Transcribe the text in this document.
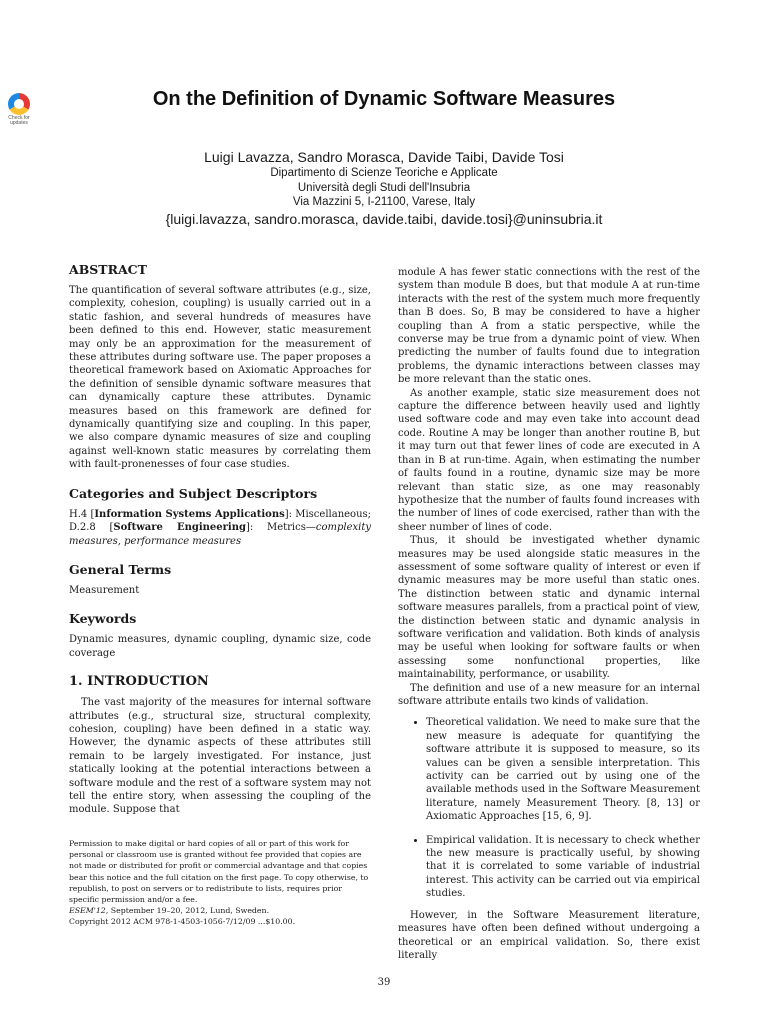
Check for updates
On the Definition of Dynamic Software Measures
Luigi Lavazza, Sandro Morasca, Davide Taibi, Davide Tosi
Dipartimento di Scienze Teoriche e Applicate
Università degli Studi dell'Insubria
Via Mazzini 5, I-21100, Varese, Italy
{luigi.lavazza, sandro.morasca, davide.taibi, davide.tosi}@uninsubria.it
ABSTRACT

The quantification of several software attributes (e.g., size, complexity, cohesion, coupling) is usually carried out in a static fashion, and several hundreds of measures have been defined to this end. However, static measurement may only be an approximation for the measurement of these attributes during software use. The paper proposes a theoretical framework based on Axiomatic Approaches for the definition of sensible dynamic software measures that can dynamically capture these attributes. Dynamic measures based on this framework are defined for dynamically quantifying size and coupling. In this paper, we also compare dynamic measures of size and coupling against well-known static measures by correlating them with fault-pronenesses of four case studies.

Categories and Subject Descriptors

H.4 [Information Systems Applications]: Miscellaneous; D.2.8 [Software Engineering]: Metrics—complexity measures, performance measures

General Terms

Measurement

Keywords

Dynamic measures, dynamic coupling, dynamic size, code coverage

1. INTRODUCTION

The vast majority of the measures for internal software attributes (e.g., structural size, structural complexity, cohesion, coupling) have been defined in a static way. However, the dynamic aspects of these attributes still remain to be largely investigated. For instance, just statically looking at the potential interactions between a software module and the rest of a software system may not tell the entire story, when assessing the coupling of the module. Suppose that

Permission to make digital or hard copies of all or part of this work for personal or classroom use is granted without fee provided that copies are not made or distributed for profit or commercial advantage and that copies bear this notice and the full citation on the first page. To copy otherwise, to republish, to post on servers or to redistribute to lists, requires prior specific permission and/or a fee.

ESEM'12, September 19–20, 2012, Lund, Sweden.

Copyright 2012 ACM 978-1-4503-1056-7/12/09 ...$10.00.

module A has fewer static connections with the rest of the system than module B does, but that module A at run-time interacts with the rest of the system much more frequently than B does. So, B may be considered to have a higher coupling than A from a static perspective, while the converse may be true from a dynamic point of view. When predicting the number of faults found due to integration problems, the dynamic interactions between classes may be more relevant than the static ones.

As another example, static size measurement does not capture the difference between heavily used and lightly used software code and may even take into account dead code. Routine A may be longer than another routine B, but it may turn out that fewer lines of code are executed in A than in B at run-time. Again, when estimating the number of faults found in a routine, dynamic size may be more relevant than static size, as one may reasonably hypothesize that the number of faults found increases with the number of lines of code exercised, rather than with the sheer number of lines of code.

Thus, it should be investigated whether dynamic measures may be used alongside static measures in the assessment of some software quality of interest or even if dynamic measures may be more useful than static ones. The distinction between static and dynamic internal software measures parallels, from a practical point of view, the distinction between static and dynamic analysis in software verification and validation. Both kinds of analysis may be useful when looking for software faults or when assessing some nonfunctional properties, like maintainability, performance, or usability.

The definition and use of a new measure for an internal software attribute entails two kinds of validation.

• Theoretical validation. We need to make sure that the new measure is adequate for quantifying the software attribute it is supposed to measure, so its values can be given a sensible interpretation. This activity can be carried out by using one of the available methods used in the Software Measurement literature, namely Measurement Theory. [8, 13] or Axiomatic Approaches [15, 6, 9].
• Empirical validation. It is necessary to check whether the new measure is practically useful, by showing that it is correlated to some variable of industrial interest. This activity can be carried out via empirical studies.

However, in the Software Measurement literature, measures have often been defined without undergoing a theoretical or an empirical validation. So, there exist literally

39
